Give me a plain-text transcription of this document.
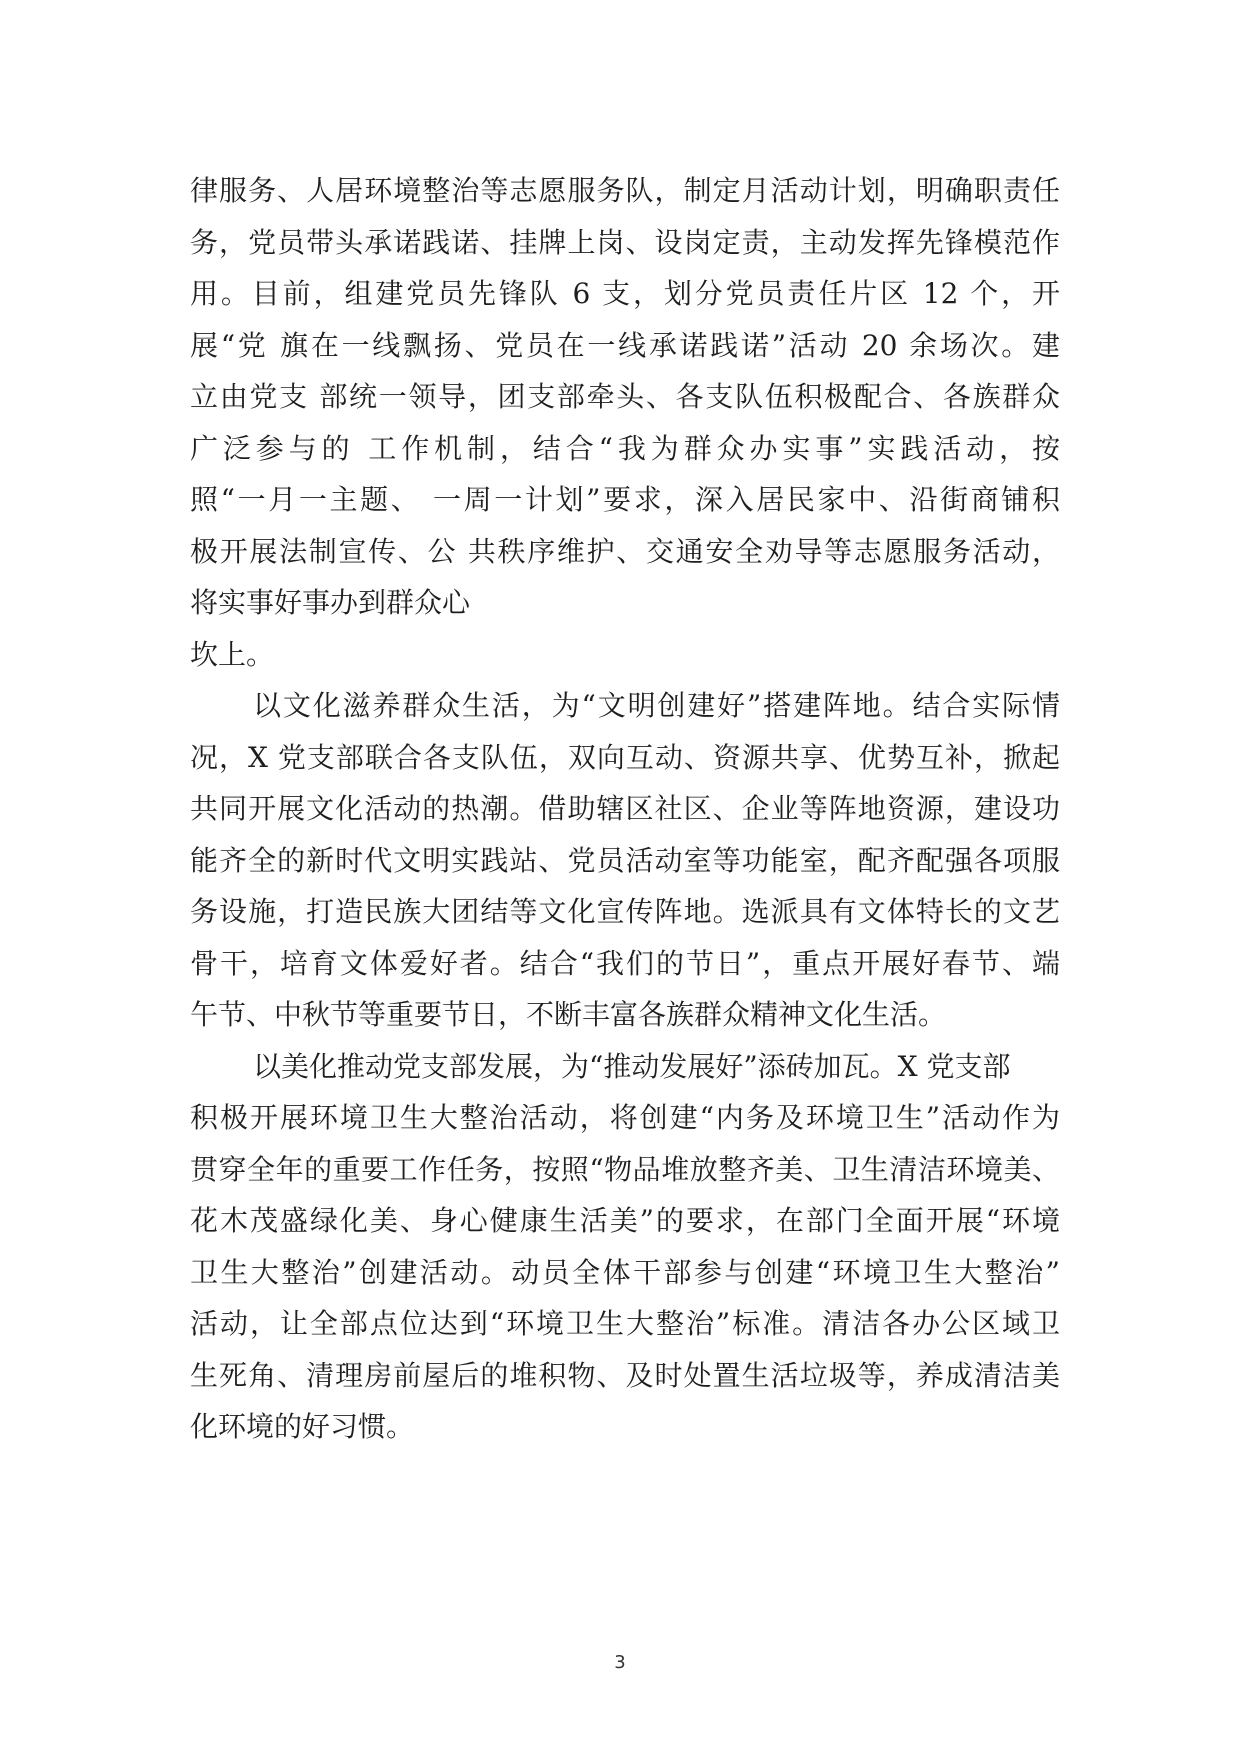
律服务、人居环境整治等志愿服务队，制定月活动计划，明确职责任
务，党员带头承诺践诺、挂牌上岗、设岗定责，主动发挥先锋模范作
用。目前，组建党员先锋队 6 支，划分党员责任片区 12 个，开
展“党 旗在一线飘扬、党员在一线承诺践诺”活动 20 余场次。建
立由党支 部统一领导，团支部牵头、各支队伍积极配合、各族群众
广泛参与的 工作机制，结合“我为群众办实事”实践活动，按
照“一月一主题、 一周一计划”要求，深入居民家中、沿街商铺积
极开展法制宣传、公 共秩序维护、交通安全劝导等志愿服务活动，
将实事好事办到群众心
坎上。
以文化滋养群众生活，为“文明创建好”搭建阵地。结合实际情
况，X 党支部联合各支队伍，双向互动、资源共享、优势互补，掀起
共同开展文化活动的热潮。借助辖区社区、企业等阵地资源，建设功
能齐全的新时代文明实践站、党员活动室等功能室，配齐配强各项服
务设施，打造民族大团结等文化宣传阵地。选派具有文体特长的文艺
骨干，培育文体爱好者。结合“我们的节日”，重点开展好春节、端
午节、中秋节等重要节日，不断丰富各族群众精神文化生活。
以美化推动党支部发展，为“推动发展好”添砖加瓦。X 党支部
积极开展环境卫生大整治活动，将创建“内务及环境卫生”活动作为
贯穿全年的重要工作任务，按照“物品堆放整齐美、卫生清洁环境美、
花木茂盛绿化美、身心健康生活美”的要求，在部门全面开展“环境
卫生大整治”创建活动。动员全体干部参与创建“环境卫生大整治”
活动，让全部点位达到“环境卫生大整治”标准。清洁各办公区域卫
生死角、清理房前屋后的堆积物、及时处置生活垃圾等，养成清洁美
化环境的好习惯。
3
